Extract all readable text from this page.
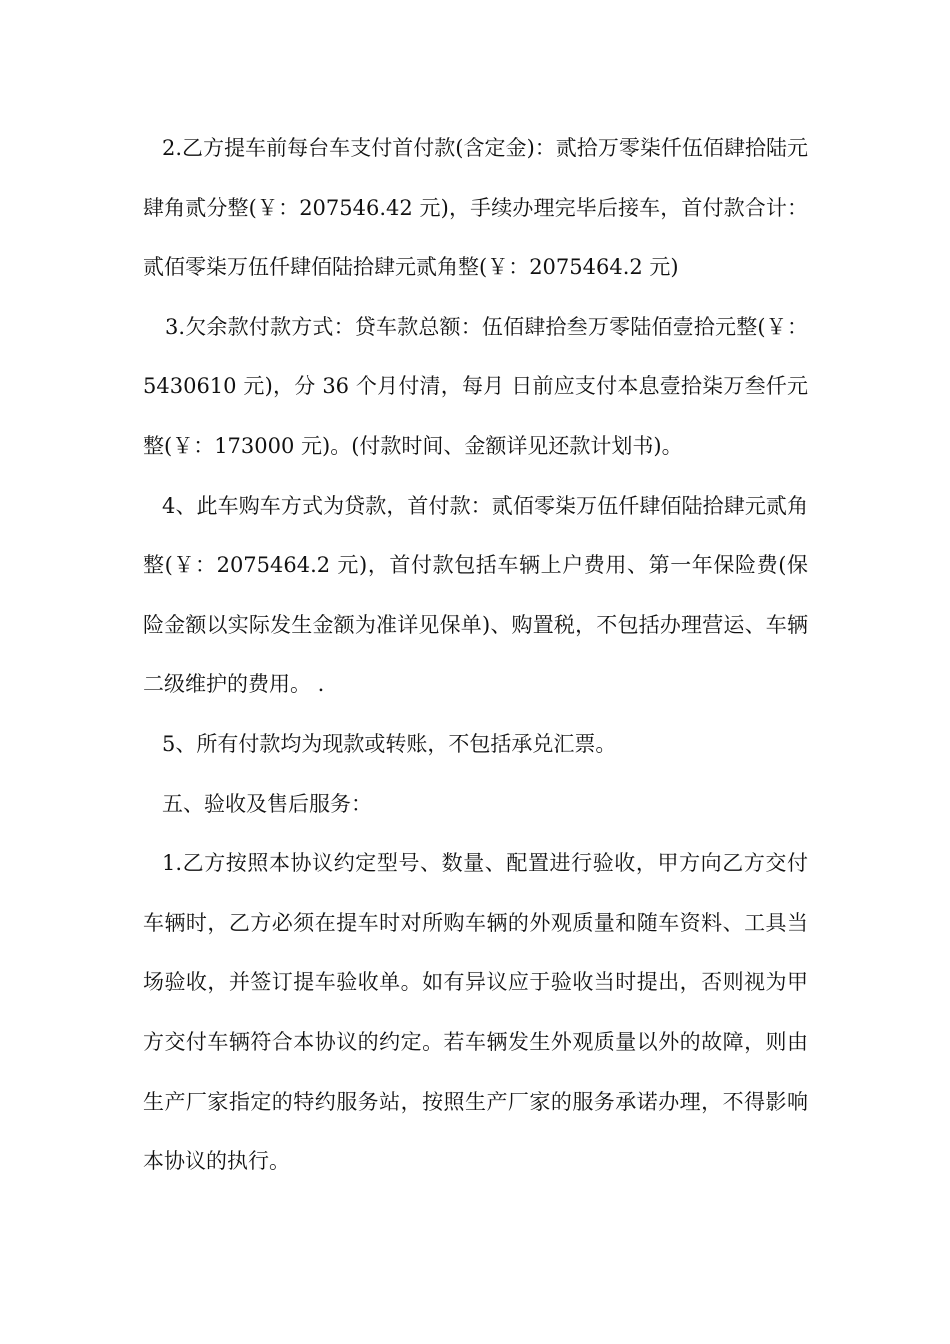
2.乙方提车前每台车支付首付款(含定金)：贰拾万零柒仟伍佰肆拾陆元肆角贰分整(￥：207546.42 元)，手续办理完毕后接车，首付款合计：贰佰零柒万伍仟肆佰陆拾肆元贰角整(￥：2075464.2 元)

3.欠余款付款方式：贷车款总额：伍佰肆拾叁万零陆佰壹拾元整(￥：5430610 元)，分 36 个月付清，每月 日前应支付本息壹拾柒万叁仟元整(￥：173000 元)。(付款时间、金额详见还款计划书)。

4、此车购车方式为贷款，首付款：贰佰零柒万伍仟肆佰陆拾肆元贰角整(￥：2075464.2 元)，首付款包括车辆上户费用、第一年保险费(保险金额以实际发生金额为准详见保单)、购置税，不包括办理营运、车辆二级维护的费用。 .

5、所有付款均为现款或转账，不包括承兑汇票。

五、验收及售后服务：

1.乙方按照本协议约定型号、数量、配置进行验收，甲方向乙方交付车辆时，乙方必须在提车时对所购车辆的外观质量和随车资料、工具当场验收，并签订提车验收单。如有异议应于验收当时提出，否则视为甲方交付车辆符合本协议的约定。若车辆发生外观质量以外的故障，则由生产厂家指定的特约服务站，按照生产厂家的服务承诺办理，不得影响本协议的执行。
